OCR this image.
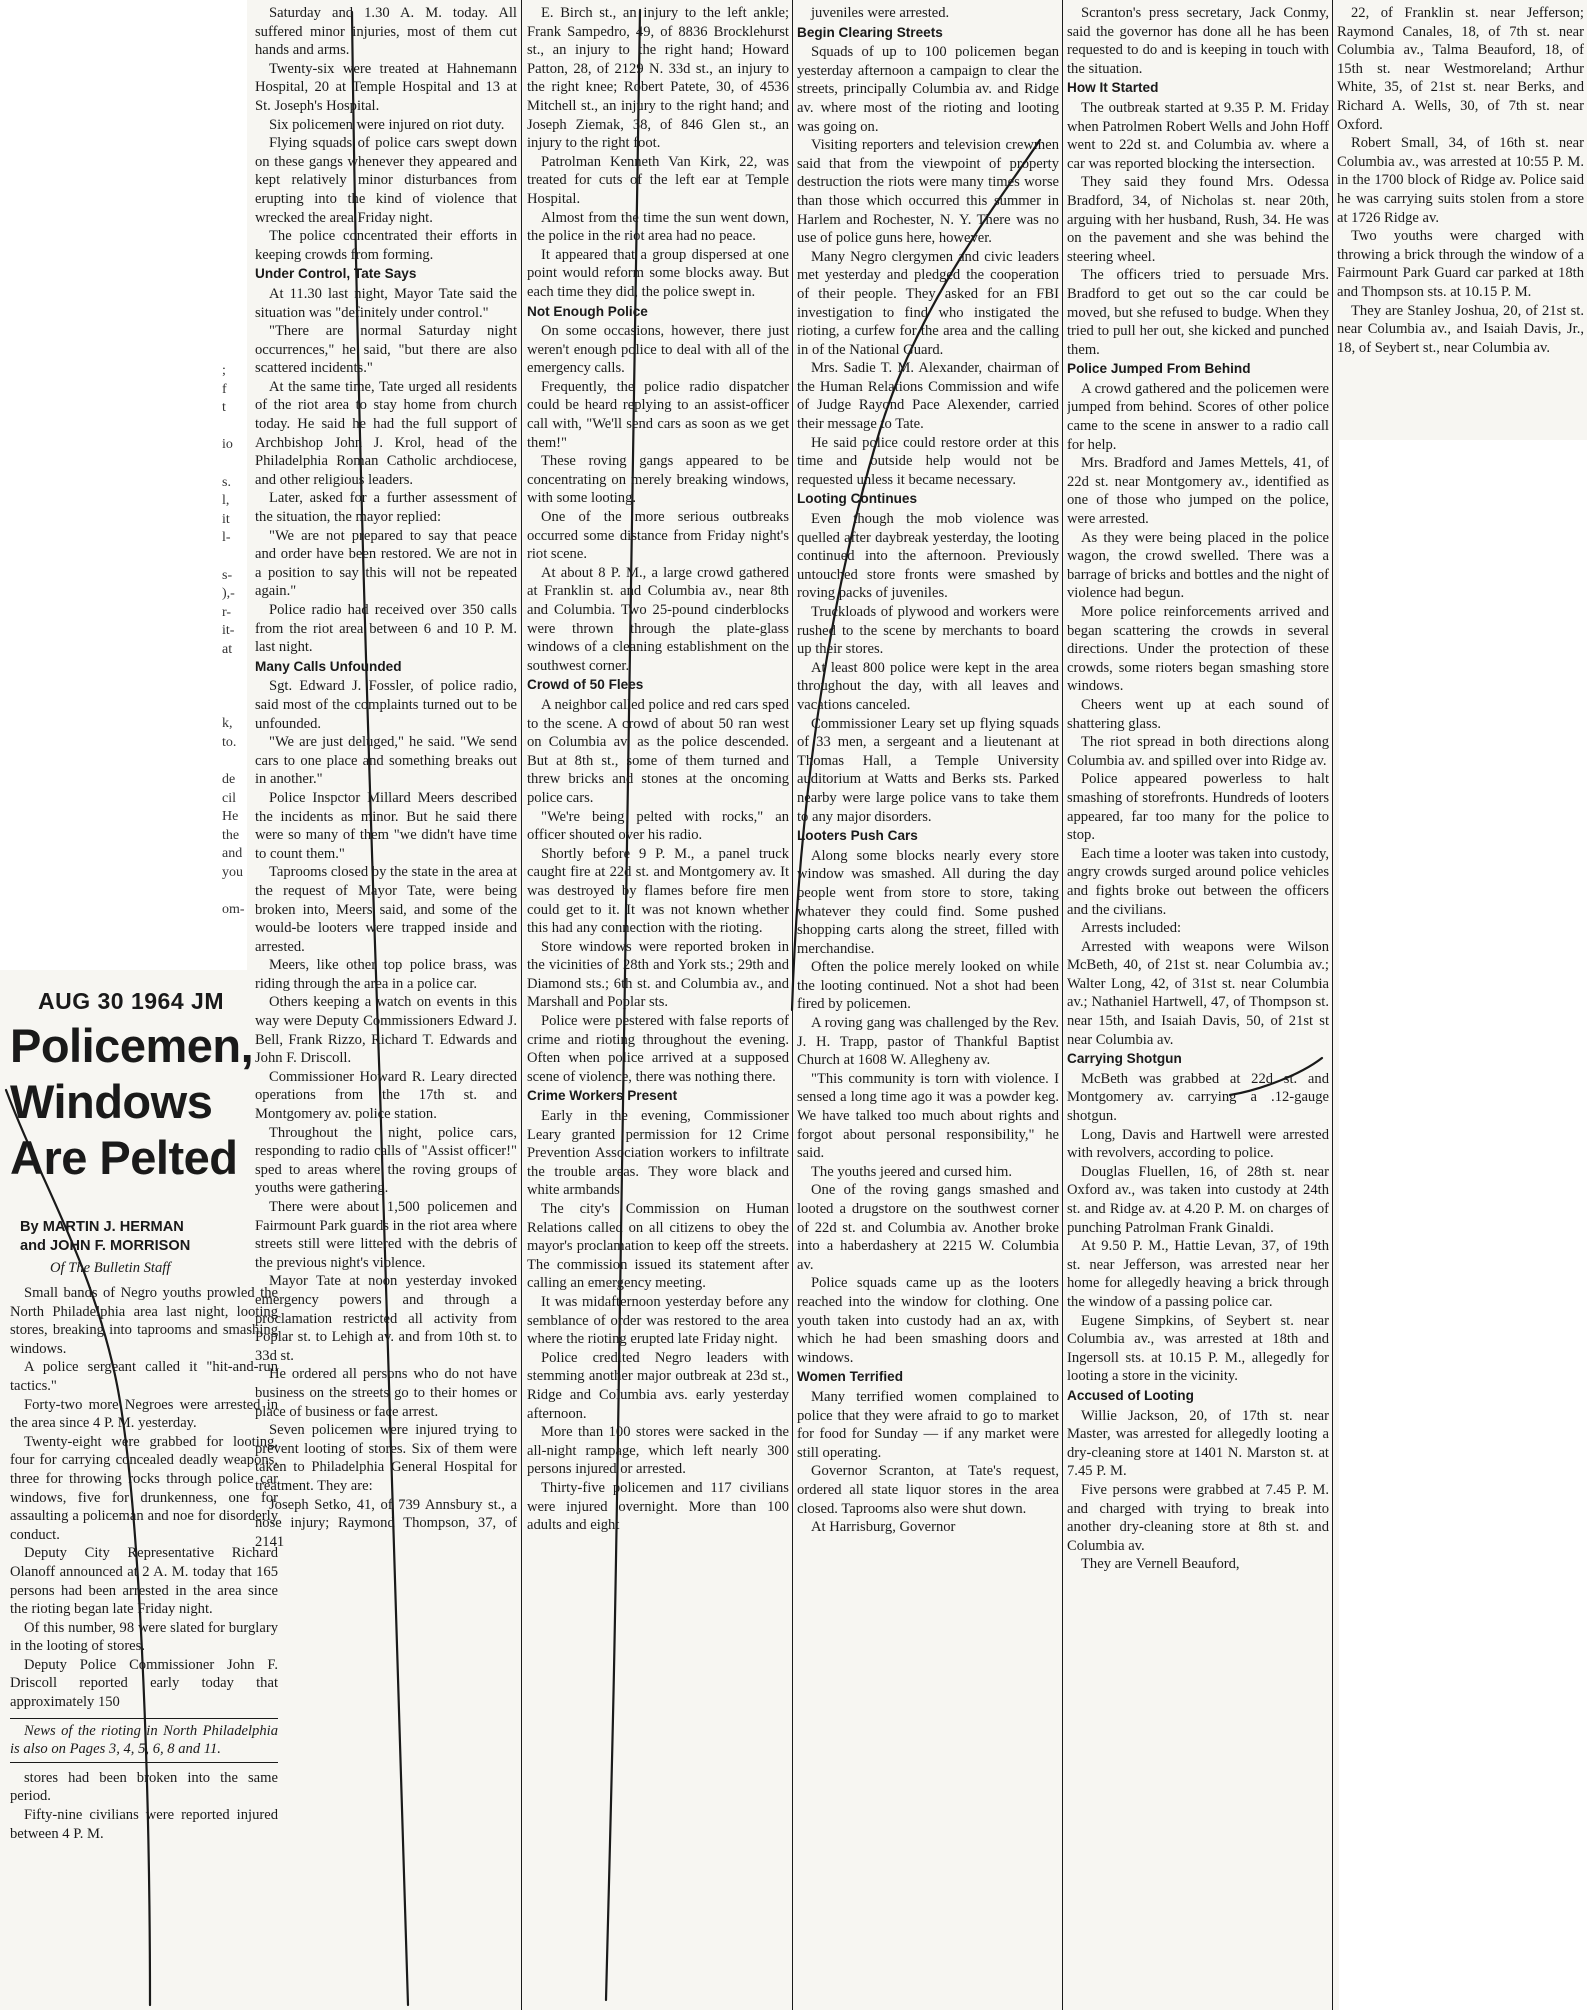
;
f
t

io

s.
l,
it
l-

s-
),-
r-
it-
at

k,
to.

de
cil
He
the
and
you

om-
AUG 30 1964 JM
Policemen,
Windows
Are Pelted
By MARTIN J. HERMAN
and JOHN F. MORRISON
Of The Bulletin Staff
Small bands of Negro youths prowled the North Philadelphia area last night, looting stores, breaking into taprooms and smashing windows.
A police sergeant called it "hit-and-run tactics."
Forty-two more Negroes were arrested in the area since 4 P. M. yesterday.
Twenty-eight were grabbed for looting, four for carrying concealed deadly weapons, three for throwing rocks through police car windows, five for drunkenness, one for assaulting a policeman and noe for disorderly conduct.
Deputy City Representative Richard Olanoff announced at 2 A. M. today that 165 persons had been arrested in the area since the rioting began late Friday night.
Of this number, 98 were slated for burglary in the looting of stores.
Deputy Police Commissioner John F. Driscoll reported early today that approximately 150
News of the rioting in North Philadelphia is also on Pages 3, 4, 5, 6, 8 and 11.
stores had been broken into the same period.
Fifty-nine civilians were reported injured between 4 P. M.
Saturday and 1.30 A. M. today. All suffered minor injuries, most of them cut hands and arms.
Twenty-six were treated at Hahnemann Hospital, 20 at Temple Hospital and 13 at St. Joseph's Hospital.
Six policemen were injured on riot duty.
Flying squads of police cars swept down on these gangs whenever they appeared and kept relatively minor disturbances from erupting into the kind of violence that wrecked the area Friday night.
The police concentrated their efforts in keeping crowds from forming.
Under Control, Tate Says
At 11.30 last night, Mayor Tate said the situation was "definitely under control."
"There are normal Saturday night occurrences," he said, "but there are also scattered incidents."
At the same time, Tate urged all residents of the riot area to stay home from church today. He said he had the full support of Archbishop John J. Krol, head of the Philadelphia Roman Catholic archdiocese, and other religious leaders.
Later, asked for a further assessment of the situation, the mayor replied:
"We are not prepared to say that peace and order have been restored. We are not in a position to say this will not be repeated again."
Police radio had received over 350 calls from the riot area between 6 and 10 P. M. last night.
Many Calls Unfounded
Sgt. Edward J. Fossler, of police radio, said most of the complaints turned out to be unfounded.
"We are just deluged," he said. "We send cars to one place and something breaks out in another."
Police Inspctor Millard Meers described the incidents as minor. But he said there were so many of them "we didn't have time to count them."
Taprooms closed by the state in the area at the request of Mayor Tate, were being broken into, Meers said, and some of the would-be looters were trapped inside and arrested.
Meers, like other top police brass, was riding through the area in a police car.
Others keeping a watch on events in this way were Deputy Commissioners Edward J. Bell, Frank Rizzo, Richard T. Edwards and John F. Driscoll.
Commissioner Howard R. Leary directed operations from the 17th st. and Montgomery av. police station.
Throughout the night, police cars, responding to radio calls of "Assist officer!" sped to areas where the roving groups of youths were gathering.
There were about 1,500 policemen and Fairmount Park guards in the riot area where streets still were littered with the debris of the previous night's violence.
Mayor Tate at noon yesterday invoked emergency powers and through a proclamation restricted all activity from Poplar st. to Lehigh av. and from 10th st. to 33d st.
He ordered all persons who do not have business on the streets go to their homes or place of business or face arrest.
Seven policemen were injured trying to prevent looting of stores. Six of them were taken to Philadelphia General Hospital for treatment. They are:
Joseph Setko, 41, of 739 Annsbury st., a nose injury; Raymond Thompson, 37, of 2141
E. Birch st., an injury to the left ankle; Frank Sampedro, 49, of 8836 Brocklehurst st., an injury to the right hand; Howard Patton, 28, of 2129 N. 33d st., an injury to the right knee; Robert Patete, 30, of 4536 Mitchell st., an injury to the right hand; and Joseph Ziemak, 38, of 846 Glen st., an injury to the right foot.
Patrolman Kenneth Van Kirk, 22, was treated for cuts of the left ear at Temple Hospital.
Almost from the time the sun went down, the police in the riot area had no peace.
It appeared that a group dispersed at one point would reform some blocks away. But each time they did, the police swept in.
Not Enough Police
On some occasions, however, there just weren't enough police to deal with all of the emergency calls.
Frequently, the police radio dispatcher could be heard replying to an assist-officer call with, "We'll send cars as soon as we get them!"
These roving gangs appeared to be concentrating on merely breaking windows, with some looting.
One of the more serious outbreaks occurred some distance from Friday night's riot scene.
At about 8 P. M., a large crowd gathered at Franklin st. and Columbia av., near 8th and Columbia. Two 25-pound cinderblocks were thrown through the plate-glass windows of a cleaning establishment on the southwest corner.
Crowd of 50 Flees
A neighbor called police and red cars sped to the scene. A crowd of about 50 ran west on Columbia av. as the police descended. But at 8th st., some of them turned and threw bricks and stones at the oncoming police cars.
"We're being pelted with rocks," an officer shouted over his radio.
Shortly before 9 P. M., a panel truck caught fire at 22d st. and Montgomery av. It was destroyed by flames before fire men could get to it. It was not known whether this had any connection with the rioting.
Store windows were reported broken in the vicinities of 28th and York sts.; 29th and Diamond sts.; 6th st. and Columbia av., and Marshall and Poplar sts.
Police were pestered with false reports of crime and rioting throughout the evening. Often when police arrived at a supposed scene of violence, there was nothing there.
Crime Workers Present
Early in the evening, Commissioner Leary granted permission for 12 Crime Prevention Association workers to infiltrate the trouble areas. They wore black and white armbands.
The city's Commission on Human Relations called on all citizens to obey the mayor's proclamation to keep off the streets. The commission issued its statement after calling an emergency meeting.
It was midafternoon yesterday before any semblance of order was restored to the area where the rioting erupted late Friday night.
Police credited Negro leaders with stemming another major outbreak at 23d st., Ridge and Columbia avs. early yesterday afternoon.
More than 100 stores were sacked in the all-night rampage, which left nearly 300 persons injured or arrested.
Thirty-five policemen and 117 civilians were injured overnight. More than 100 adults and eight
juveniles were arrested.
Begin Clearing Streets
Squads of up to 100 policemen began yesterday afternoon a campaign to clear the streets, principally Columbia av. and Ridge av. where most of the rioting and looting was going on.
Visiting reporters and television crewmen said that from the viewpoint of property destruction the riots were many times worse than those which occurred this summer in Harlem and Rochester, N. Y. There was no use of police guns here, however.
Many Negro clergymen and civic leaders met yesterday and pledged the cooperation of their people. They asked for an FBI investigation to find who instigated the rioting, a curfew for the area and the calling in of the National Guard.
Mrs. Sadie T. M. Alexander, chairman of the Human Relations Commission and wife of Judge Rayond Pace Alexender, carried their message to Tate.
He said police could restore order at this time and outside help would not be requested unless it became necessary.
Looting Continues
Even though the mob violence was quelled after daybreak yesterday, the looting continued into the afternoon. Previously untouched store fronts were smashed by roving packs of juveniles.
Truckloads of plywood and workers were rushed to the scene by merchants to board up their stores.
At least 800 police were kept in the area throughout the day, with all leaves and vacations canceled.
Commissioner Leary set up flying squads of 33 men, a sergeant and a lieutenant at Thomas Hall, a Temple University auditorium at Watts and Berks sts. Parked nearby were large police vans to take them to any major disorders.
Looters Push Cars
Along some blocks nearly every store window was smashed. All during the day people went from store to store, taking whatever they could find. Some pushed shopping carts along the street, filled with merchandise.
Often the police merely looked on while the looting continued. Not a shot had been fired by policemen.
A roving gang was challenged by the Rev. J. H. Trapp, pastor of Thankful Baptist Church at 1608 W. Allegheny av.
"This community is torn with violence. I sensed a long time ago it was a powder keg. We have talked too much about rights and forgot about personal responsibility," he said.
The youths jeered and cursed him.
One of the roving gangs smashed and looted a drugstore on the southwest corner of 22d st. and Columbia av. Another broke into a haberdashery at 2215 W. Columbia av.
Police squads came up as the looters reached into the window for clothing. One youth taken into custody had an ax, with which he had been smashing doors and windows.
Women Terrified
Many terrified women complained to police that they were afraid to go to market for food for Sunday — if any market were still operating.
Governor Scranton, at Tate's request, ordered all state liquor stores in the area closed. Taprooms also were shut down.
At Harrisburg, Governor
Scranton's press secretary, Jack Conmy, said the governor has done all he has been requested to do and is keeping in touch with the situation.
How It Started
The outbreak started at 9.35 P. M. Friday when Patrolmen Robert Wells and John Hoff went to 22d st. and Columbia av. where a car was reported blocking the intersection.
They said they found Mrs. Odessa Bradford, 34, of Nicholas st. near 20th, arguing with her husband, Rush, 34. He was on the pavement and she was behind the steering wheel.
The officers tried to persuade Mrs. Bradford to get out so the car could be moved, but she refused to budge. When they tried to pull her out, she kicked and punched them.
Police Jumped From Behind
A crowd gathered and the policemen were jumped from behind. Scores of other police came to the scene in answer to a radio call for help.
Mrs. Bradford and James Mettels, 41, of 22d st. near Montgomery av., identified as one of those who jumped on the police, were arrested.
As they were being placed in the police wagon, the crowd swelled. There was a barrage of bricks and bottles and the night of violence had begun.
More police reinforcements arrived and began scattering the crowds in several directions. Under the protection of these crowds, some rioters began smashing store windows.
Cheers went up at each sound of shattering glass.
The riot spread in both directions along Columbia av. and spilled over into Ridge av.
Police appeared powerless to halt smashing of storefronts. Hundreds of looters appeared, far too many for the police to stop.
Each time a looter was taken into custody, angry crowds surged around police vehicles and fights broke out between the officers and the civilians.
Arrests included:
Arrested with weapons were Wilson McBeth, 40, of 21st st. near Columbia av.; Walter Long, 42, of 31st st. near Columbia av.; Nathaniel Hartwell, 47, of Thompson st. near 15th, and Isaiah Davis, 50, of 21st st near Columbia av.
Carrying Shotgun
McBeth was grabbed at 22d st. and Montgomery av. carrying a .12-gauge shotgun.
Long, Davis and Hartwell were arrested with revolvers, according to police.
Douglas Fluellen, 16, of 28th st. near Oxford av., was taken into custody at 24th st. and Ridge av. at 4.20 P. M. on charges of punching Patrolman Frank Ginaldi.
At 9.50 P. M., Hattie Levan, 37, of 19th st. near Jefferson, was arrested near her home for allegedly heaving a brick through the window of a passing police car.
Eugene Simpkins, of Seybert st. near Columbia av., was arrested at 18th and Ingersoll sts. at 10.15 P. M., allegedly for looting a store in the vicinity.
Accused of Looting
Willie Jackson, 20, of 17th st. near Master, was arrested for allegedly looting a dry-cleaning store at 1401 N. Marston st. at 7.45 P. M.
Five persons were grabbed at 7.45 P. M. and charged with trying to break into another dry-cleaning store at 8th st. and Columbia av.
They are Vernell Beauford,
22, of Franklin st. near Jefferson; Raymond Canales, 18, of 7th st. near Columbia av., Talma Beauford, 18, of 15th st. near Westmoreland; Arthur White, 35, of 21st st. near Berks, and Richard A. Wells, 30, of 7th st. near Oxford.
Robert Small, 34, of 16th st. near Columbia av., was arrested at 10:55 P. M. in the 1700 block of Ridge av. Police said he was carrying suits stolen from a store at 1726 Ridge av.
Two youths were charged with throwing a brick through the window of a Fairmount Park Guard car parked at 18th and Thompson sts. at 10.15 P. M.
They are Stanley Joshua, 20, of 21st st. near Columbia av., and Isaiah Davis, Jr., 18, of Seybert st., near Columbia av.
